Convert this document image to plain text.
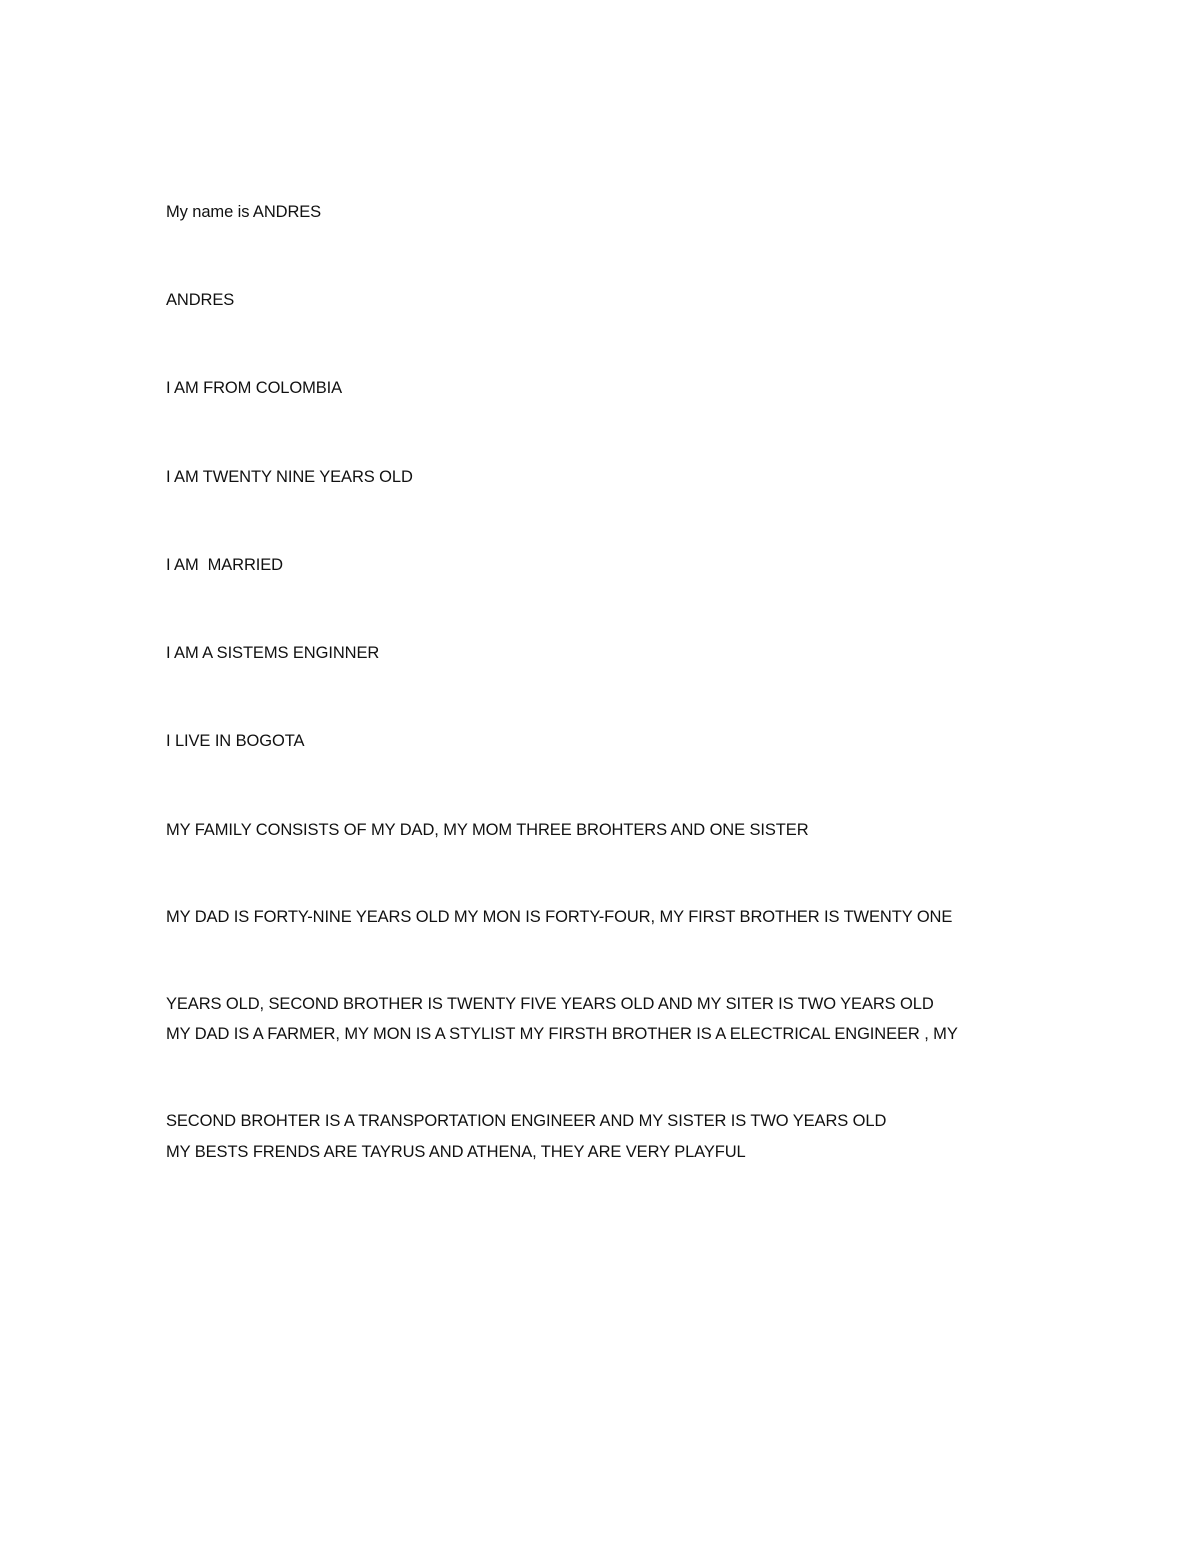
My name is ANDRES

ANDRES

I AM FROM COLOMBIA

I AM TWENTY NINE YEARS OLD

I AM  MARRIED

I AM A SISTEMS ENGINNER

I LIVE IN BOGOTA

MY FAMILY CONSISTS OF MY DAD, MY MOM THREE BROHTERS AND ONE SISTER

MY DAD IS FORTY-NINE YEARS OLD MY MON IS FORTY-FOUR, MY FIRST BROTHER IS TWENTY ONE

YEARS OLD, SECOND BROTHER IS TWENTY FIVE YEARS OLD AND MY SITER IS TWO YEARS OLD

MY DAD IS A FARMER, MY MON IS A STYLIST MY FIRSTH BROTHER IS A ELECTRICAL ENGINEER , MY

SECOND BROHTER IS A TRANSPORTATION ENGINEER AND MY SISTER IS TWO YEARS OLD

MY BESTS FRENDS ARE TAYRUS AND ATHENA, THEY ARE VERY PLAYFUL
